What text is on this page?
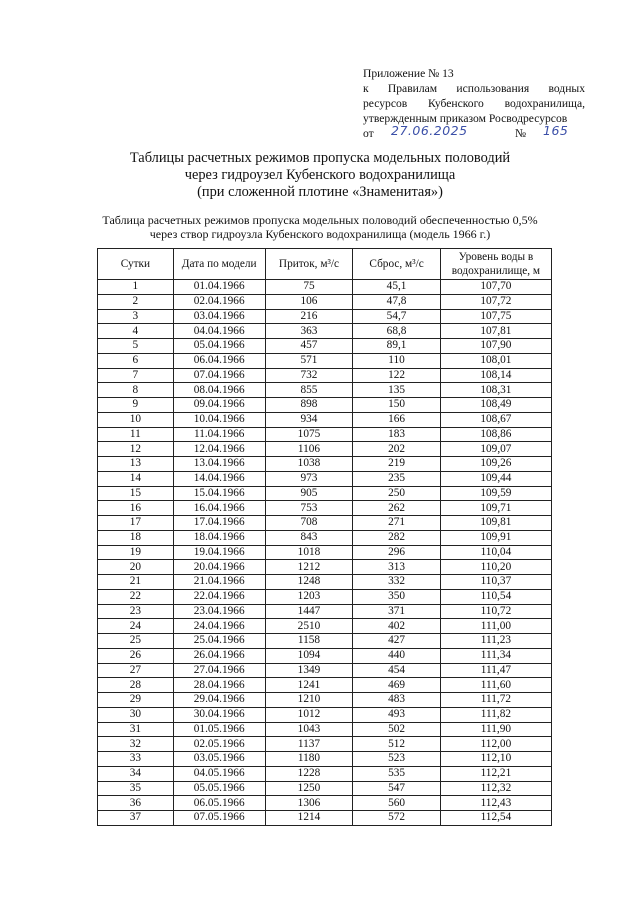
Приложение № 13
к Правилам использования водных
ресурсов Кубенского водохранилища,
утвержденным приказом Росводресурсов
от 27.06.2025	№ 165
Таблицы расчетных режимов пропуска модельных половодий
через гидроузел Кубенского водохранилища
(при сложенной плотине «Знаменитая»)
Таблица расчетных режимов пропуска модельных половодий обеспеченностью 0,5%
через створ гидроузла Кубенского водохранилища (модель 1966 г.)
Сутки	Дата по модели	Приток, м³/с	Сброс, м³/с	Уровень воды в
водохранилище, м

1	01.04.1966	75	45,1	107,70
2	02.04.1966	106	47,8	107,72
3	03.04.1966	216	54,7	107,75
4	04.04.1966	363	68,8	107,81
5	05.04.1966	457	89,1	107,90
6	06.04.1966	571	110	108,01
7	07.04.1966	732	122	108,14
8	08.04.1966	855	135	108,31
9	09.04.1966	898	150	108,49
10	10.04.1966	934	166	108,67
11	11.04.1966	1075	183	108,86
12	12.04.1966	1106	202	109,07
13	13.04.1966	1038	219	109,26
14	14.04.1966	973	235	109,44
15	15.04.1966	905	250	109,59
16	16.04.1966	753	262	109,71
17	17.04.1966	708	271	109,81
18	18.04.1966	843	282	109,91
19	19.04.1966	1018	296	110,04
20	20.04.1966	1212	313	110,20
21	21.04.1966	1248	332	110,37
22	22.04.1966	1203	350	110,54
23	23.04.1966	1447	371	110,72
24	24.04.1966	2510	402	111,00
25	25.04.1966	1158	427	111,23
26	26.04.1966	1094	440	111,34
27	27.04.1966	1349	454	111,47
28	28.04.1966	1241	469	111,60
29	29.04.1966	1210	483	111,72
30	30.04.1966	1012	493	111,82
31	01.05.1966	1043	502	111,90
32	02.05.1966	1137	512	112,00
33	03.05.1966	1180	523	112,10
34	04.05.1966	1228	535	112,21
35	05.05.1966	1250	547	112,32
36	06.05.1966	1306	560	112,43
37	07.05.1966	1214	572	112,54
